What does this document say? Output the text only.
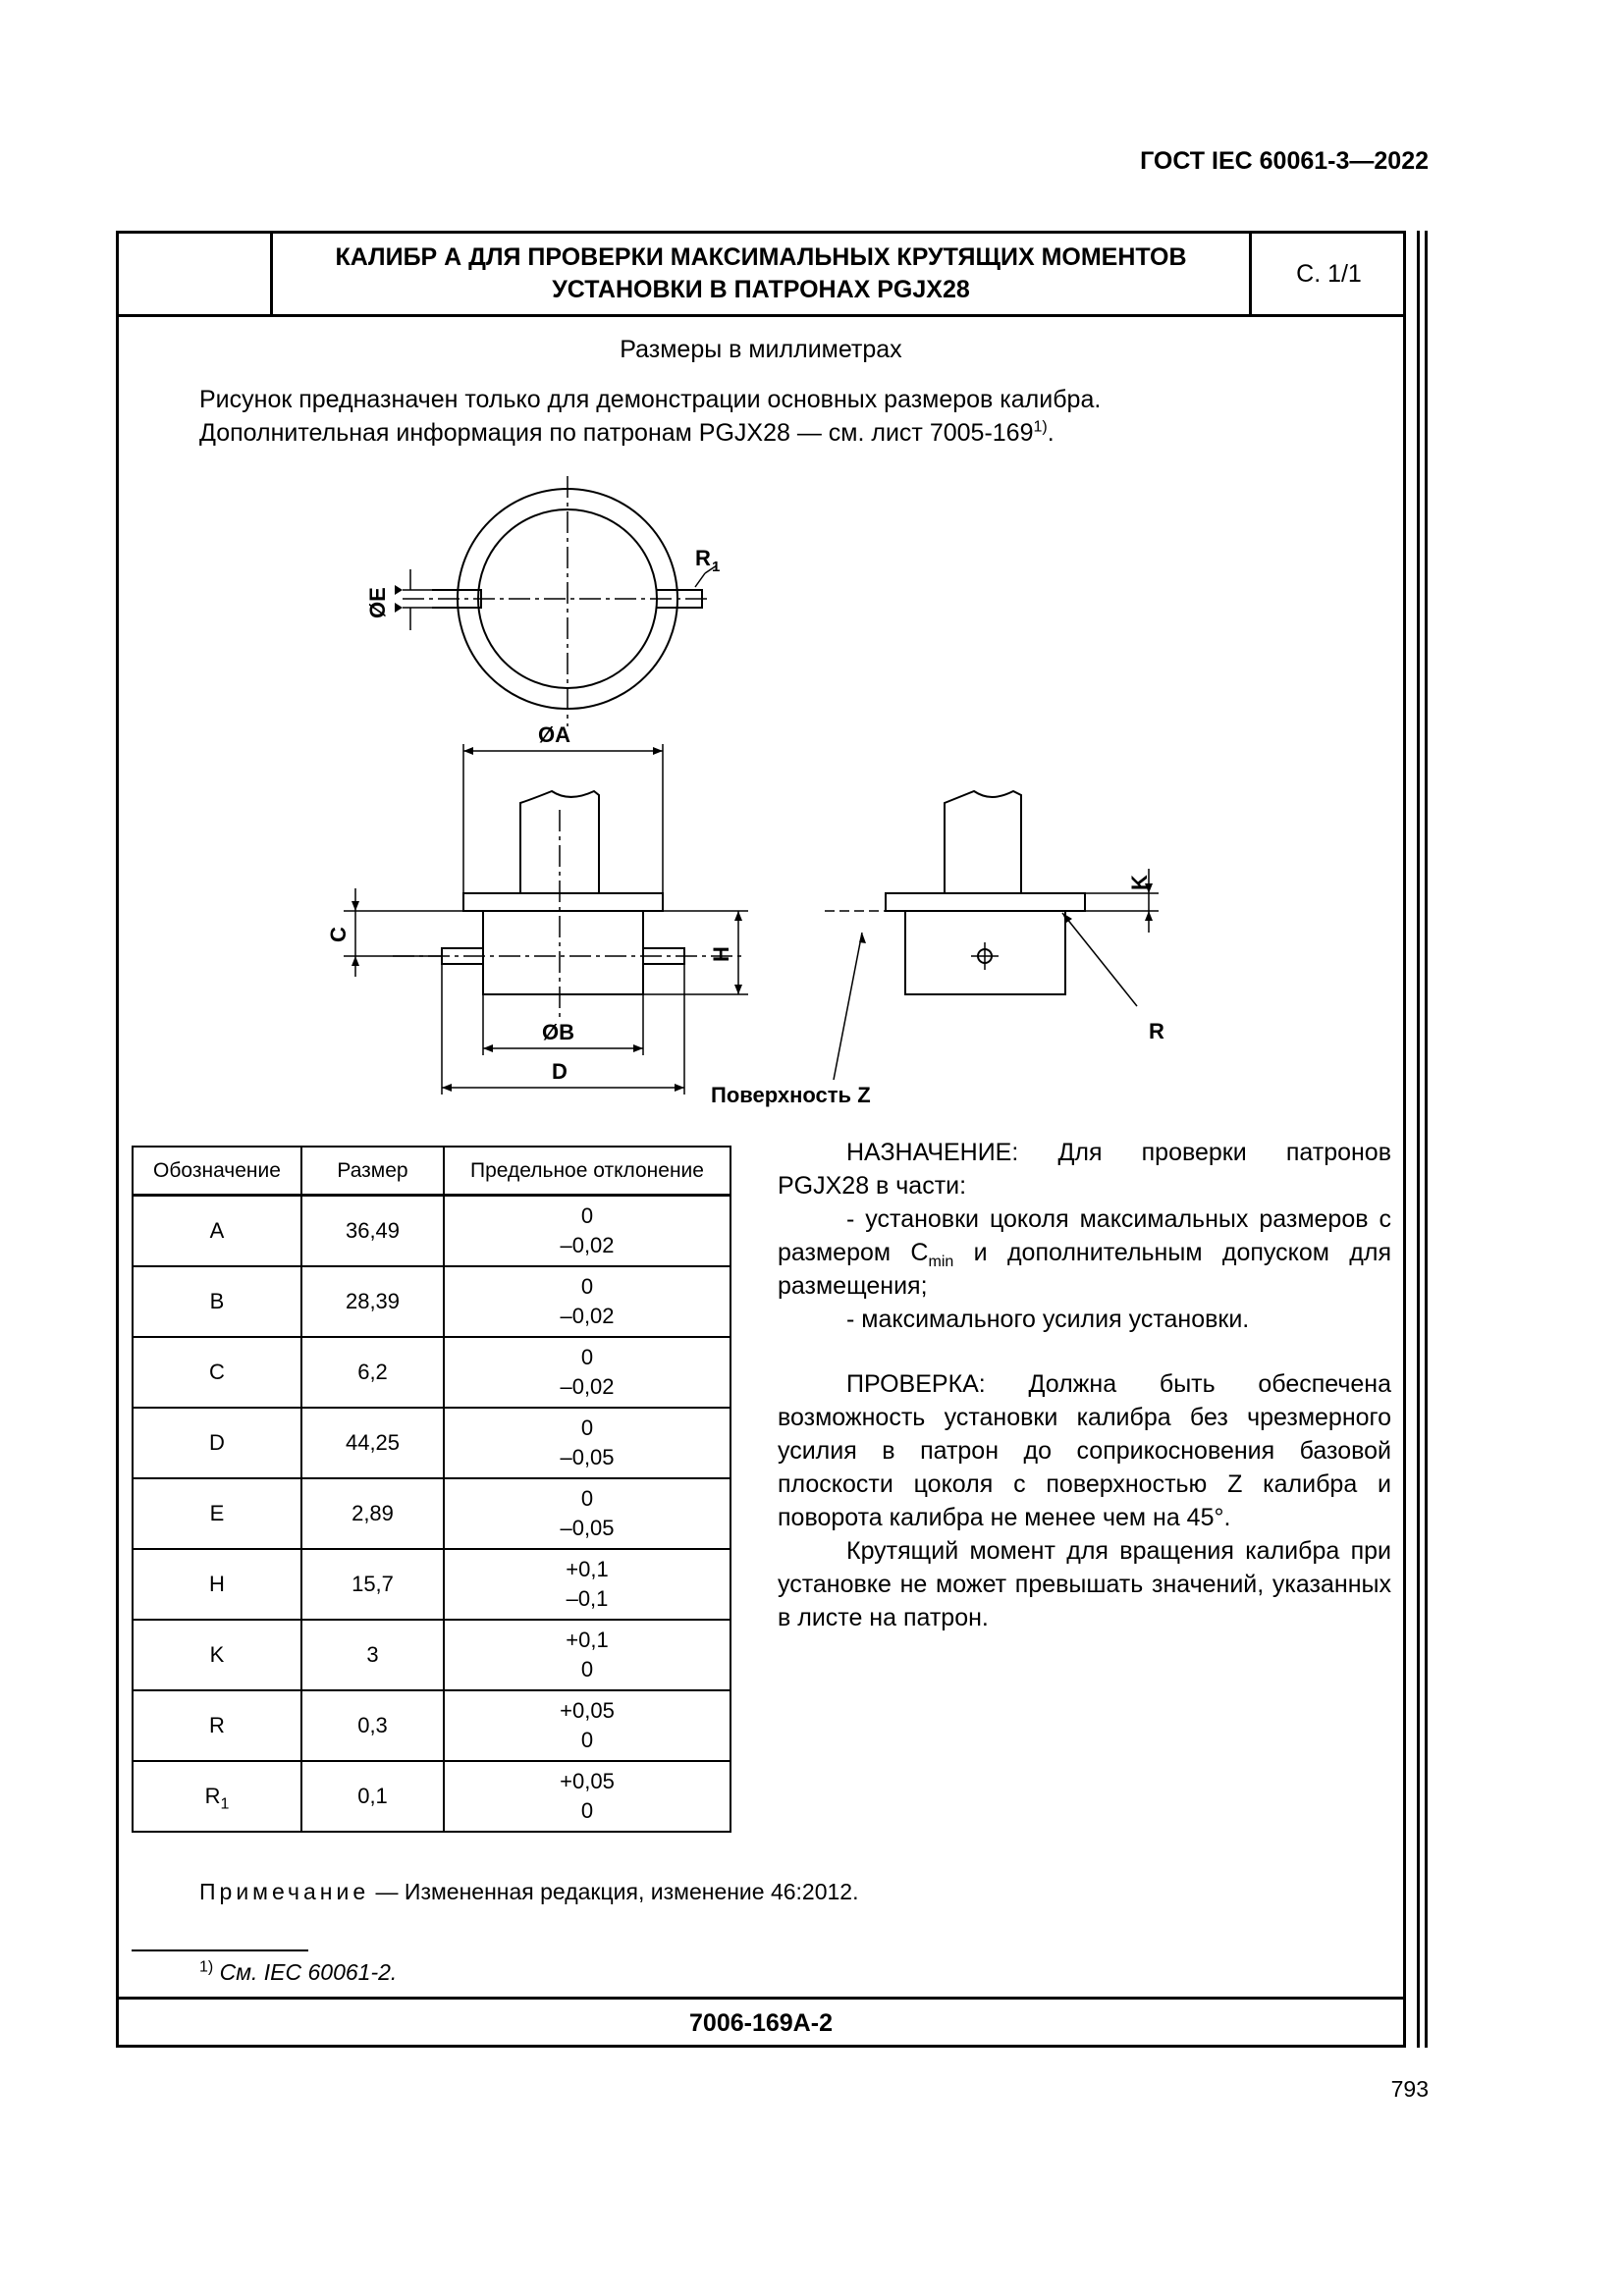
ГОСТ IEC 60061-3—2022
КАЛИБР А ДЛЯ ПРОВЕРКИ МАКСИМАЛЬНЫХ КРУТЯЩИХ МОМЕНТОВ
УСТАНОВКИ В ПАТРОНАХ PGJX28
С. 1/1
Размеры в миллиметрах
Рисунок предназначен только для демонстрации основных размеров калибра.
Дополнительная информация по патронам PGJX28 — см. лист 7005-169$^{1)}$.
ØE
R 1
ØA
C
H
ØB
D
K
R
Поверхность Z
Обозначение	Размер	Предельное отклонение
A	36,49	0
–0,02

B	28,39	0
–0,02

C	6,2	0
–0,02

D	44,25	0
–0,05

E	2,89	0
–0,05

H	15,7	+0,1
–0,1

K	3	+0,1
0

R	0,3	+0,05
0

$R_1$	0,1	+0,05
0

НАЗНАЧЕНИЕ: Для проверки патронов PGJX28 в части:

- установки цоколя максимальных размеров с размером $C_{min}$ и дополнительным допуском для размещения;

- максимального усилия установки.

ПРОВЕРКА: Должна быть обеспечена возможность установки калибра без чрезмерного усилия в патрон до соприкосновения базовой плоскости цоколя с поверхностью Z калибра и поворота калибра не менее чем на 45°.

Крутящий момент для вращения калибра при установке не может превышать значений, указанных в листе на патрон.

Примечание — Измененная редакция, изменение 46:2012.
$^{1)}$ См. IEC 60061-2.
7006-169A-2
793
